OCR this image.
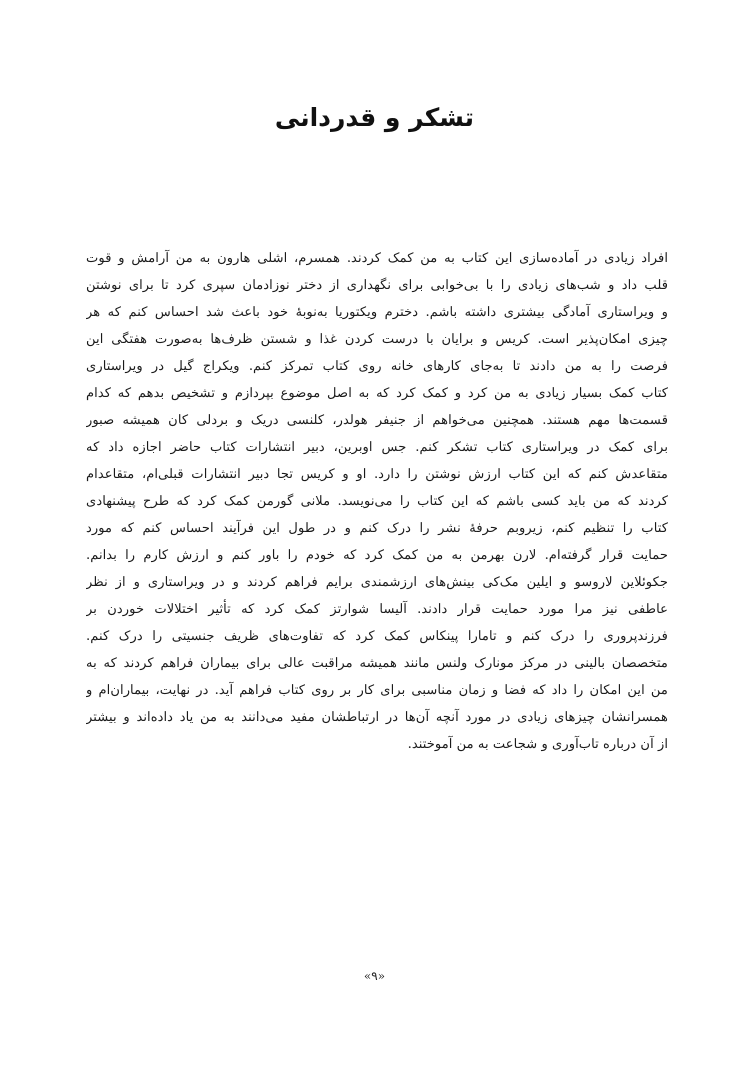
تشکر و قدردانی
افراد زیادی در آماده‌سازی این کتاب به من کمک کردند. همسرم، اشلی هارون به من آرامش و قوت
قلب داد و شب‌های زیادی را با بی‌خوابی برای نگهداری از دختر نوزادمان سپری کرد تا برای نوشتن
و ویراستاری آمادگی بیشتری داشته باشم. دخترم ویکتوریا به‌نوبهٔ خود باعث شد احساس کنم که هر
چیزی امکان‌پذیر است. کریس و برایان با درست کردن غذا و شستن ظرف‌ها به‌صورت هفتگی این
فرصت را به من دادند تا به‌جای کارهای خانه روی کتاب تمرکز کنم. ویکراج گیل در ویراستاری
کتاب کمک بسیار زیادی به من کرد و کمک کرد که به اصل موضوع بپردازم و تشخیص بدهم که کدام
قسمت‌ها مهم هستند. همچنین می‌خواهم از جنیفر هولدر، کلنسی دریک و بردلی کان همیشه صبور
برای کمک در ویراستاری کتاب تشکر کنم. جس اوبرین، دبیر انتشارات کتاب حاضر اجازه داد که
متقاعدش کنم که این کتاب ارزش نوشتن را دارد. او و کریس تجا دبیر انتشارات قبلی‌ام، متقاعدام
کردند که من باید کسی باشم که این کتاب را می‌نویسد. ملانی گورمن کمک کرد که طرح پیشنهادی
کتاب را تنظیم کنم، زیرو‌بم حرفهٔ نشر را درک کنم و در طول این فرآیند احساس کنم که مورد
حمایت قرار گرفته‌ام. لارن بهرمن به من کمک کرد که خودم را باور کنم و ارزش کارم را بدانم.
جکوئلاین لاروسو و ایلین مک‌کی بینش‌های ارزشمندی برایم فراهم کردند و در ویراستاری و از نظر
عاطفی نیز مرا مورد حمایت قرار دادند. آلیسا شوارتز کمک کرد که تأثیر اختلالات خوردن بر
فرزندپروری را درک کنم و تامارا پینکاس کمک کرد که تفاوت‌های ظریف جنسیتی را درک کنم.
متخصصان بالینی در مرکز مونارک ولنس مانند همیشه مراقبت عالی برای بیماران فراهم کردند که به
من این امکان را داد که فضا و زمان مناسبی برای کار بر روی کتاب فراهم آید. در نهایت، بیماران‌ام و
همسرانشان چیزهای زیادی در مورد آنچه آن‌ها در ارتباطشان مفید می‌دانند به من یاد داده‌اند و بیشتر
از آن درباره تاب‌آوری و شجاعت به من آموختند.
«۹»
